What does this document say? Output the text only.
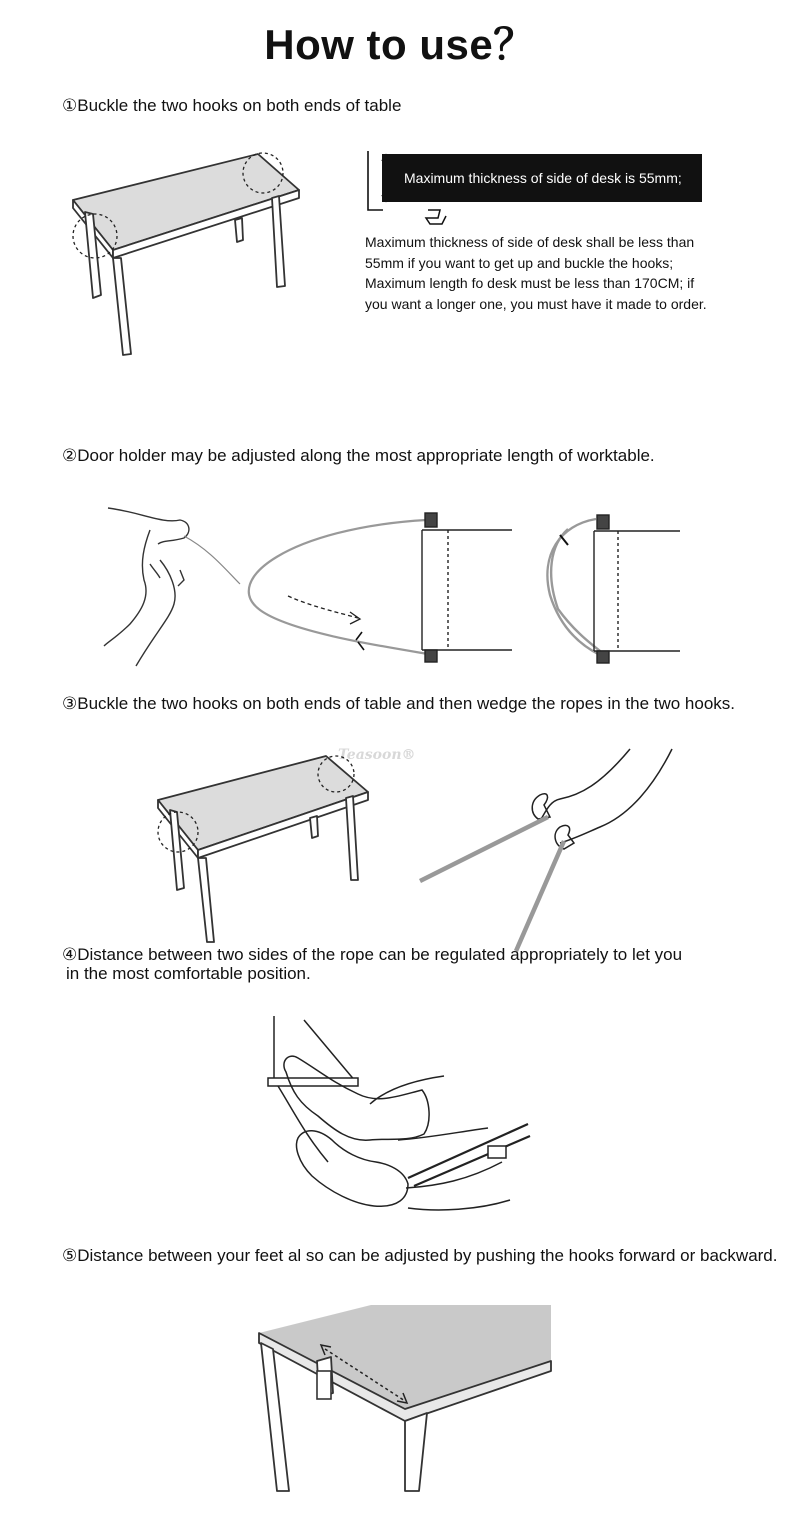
How to use？
①Buckle the two hooks on both ends of table
Maximum thickness of side of desk is 55mm;
Maximum thickness of side of desk shall be less than 55mm if you want to get up and buckle the hooks; Maximum length fo desk must be less than 170CM; if you want a longer one, you must have it made to order.
②Door holder may be adjusted along the most appropriate length of worktable.
③Buckle the two hooks on both ends of table and then wedge the ropes in the two hooks.
Teasoon®
④Distance between two sides of the rope can be regulated appropriately to let you
in the most comfortable position.
⑤Distance between your feet al so can be adjusted by pushing the hooks forward or backward.
